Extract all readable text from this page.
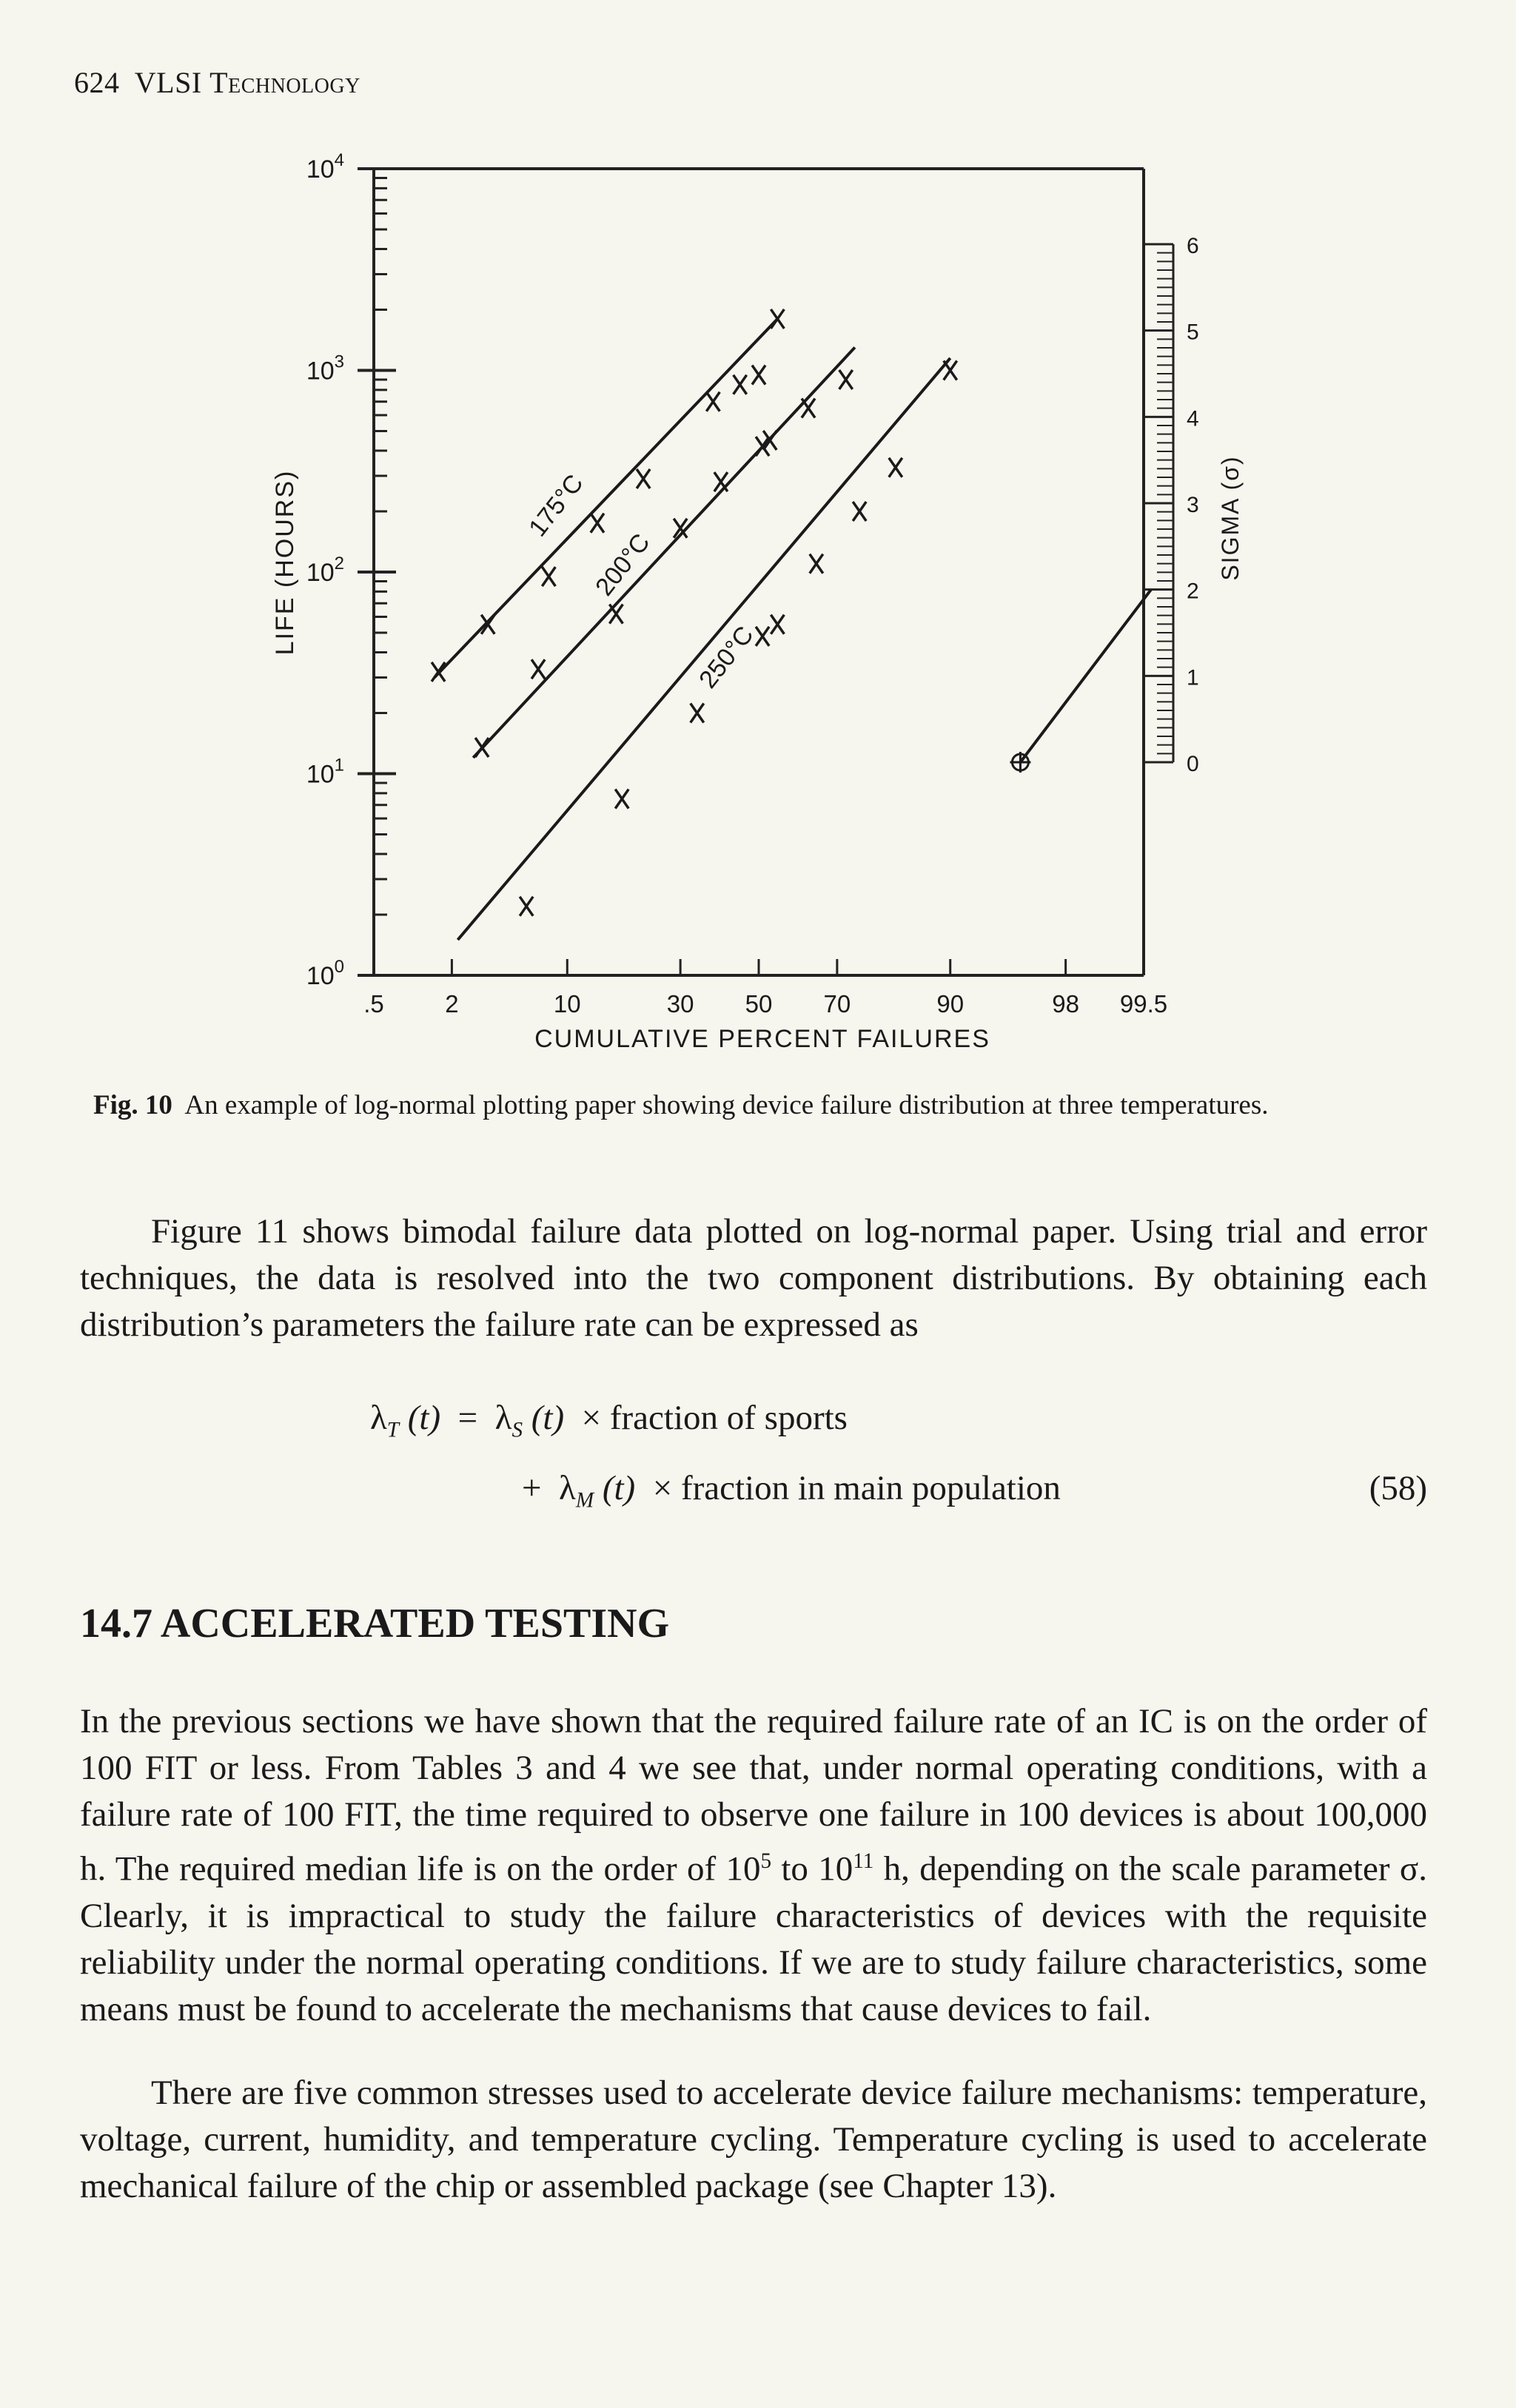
624 VLSI Technology
$10^0$
$10^1$
$10^2$
$10^3$
$10^4$
.5 2	10	30 50 70	90	98 99.5
0
1
2
3
4
5
6
175°C
200°C
250°C
LIFE (HOURS)
CUMULATIVE PERCENT FAILURES
SIGMA (σ)
Fig. 10 An example of log-normal plotting paper showing device failure distribution at three temperatures.

Figure 11 shows bimodal failure data plotted on log-normal paper. Using trial and error techniques, the data is resolved into the two component distributions. By obtaining each distribution’s parameters the failure rate can be expressed as

$\lambda_T$ $(t) = \lambda_S$ (t) × fraction of sports
+ $\lambda_M$ (t) × fraction in main population	(58)
14.7 ACCELERATED TESTING

In the previous sections we have shown that the required failure rate of an IC is on the order of 100 FIT or less. From Tables 3 and 4 we see that, under normal operating conditions, with a failure rate of 100 FIT, the time required to observe one failure in 100 devices is about 100,000 h. The required median life is on the order of $10^5$ to $10^{11}$ h, depending on the scale parameter σ. Clearly, it is impractical to study the failure characteristics of devices with the requisite reliability under the normal operating conditions. If we are to study failure characteristics, some means must be found to accelerate the mechanisms that cause devices to fail.

There are five common stresses used to accelerate device failure mechanisms: temperature, voltage, current, humidity, and temperature cycling. Temperature cycling is used to accelerate mechanical failure of the chip or assembled package (see Chapter 13).
